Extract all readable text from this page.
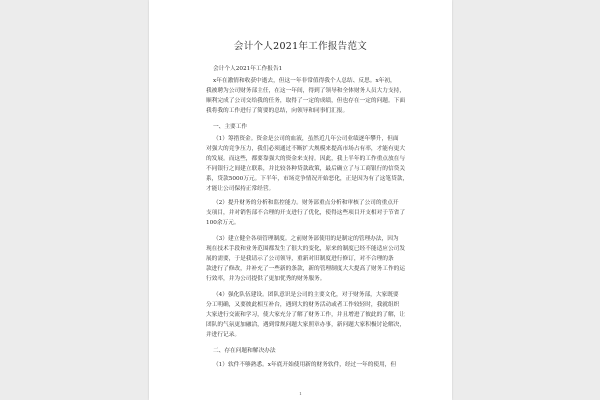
会计个人2021年工作报告范文
会计个人2021年工作报告1
x年在激情和收获中逝去，但这一年非常值得我个人总结、反思。x年初，
我被聘为公司财务部主任，在这一年间，得到了领导和全体财务人员大力支持，
顺利完成了公司交给我的任务，取得了一定的成绩，但也存在一定的问题。下面
我将我的工作进行了简要的总结，向领导和同事们汇报。
一、主要工作
（1）筹措资金。资金是公司的血液，虽然近几年公司业绩逐年攀升，但面
对强大的竞争压力，我们必须通过不断扩大规模来提高市场占有率，才能有更大
的发展。而这些，都要靠强大的资金来支持。因此，我上半年的工作重点放在与
不同银行之间建立联系，并比较各种贷款政策，最后确立了与工商银行的信贷关
系，贷款5000万元。下半年，市场竞争情况开始恶化，正是因为有了这笔贷款，
才能让公司保持正常经营。
（2）提升财务的分析和监控能力。财务部重点分析和审核了公司的重点开
支项目，并对销售部不合理的开支进行了优化，使得这些项目开支相对于节省了
100余万元。
（3）建立健全各项管理制度。之前财务部使用的是制定的管理办法，因为
现在技术手段和业务范围都发生了很大的变化，原来的制度已经不能适应公司发
展的需要，于是我请示了公司领导，重新对旧制度进行修订，对不合理的条
款进行了修改，并补充了一些新的条款，新的管理制度大大提高了财务工作的运
行效率，并为公司提供了更加优秀的财务服务。
（4）强化队伍建设。团队意识是公司的主要文化，对于财务部，大家既要
分工明确，又要彼此相互补台，遇到大的财务活动或者工作较轻时，我就组织
大家进行交流和学习，使大家充分了解了财务工作，并且增进了彼此的了解，让
团队的气氛更加融洽，遇到常规问题大家照章办事，新问题大家积极讨论解决，
并进行记录。
二、存在问题和解决办法
（1）软件不够熟悉。x年底开始使用新的财务软件，经过一年的使用，但
1
